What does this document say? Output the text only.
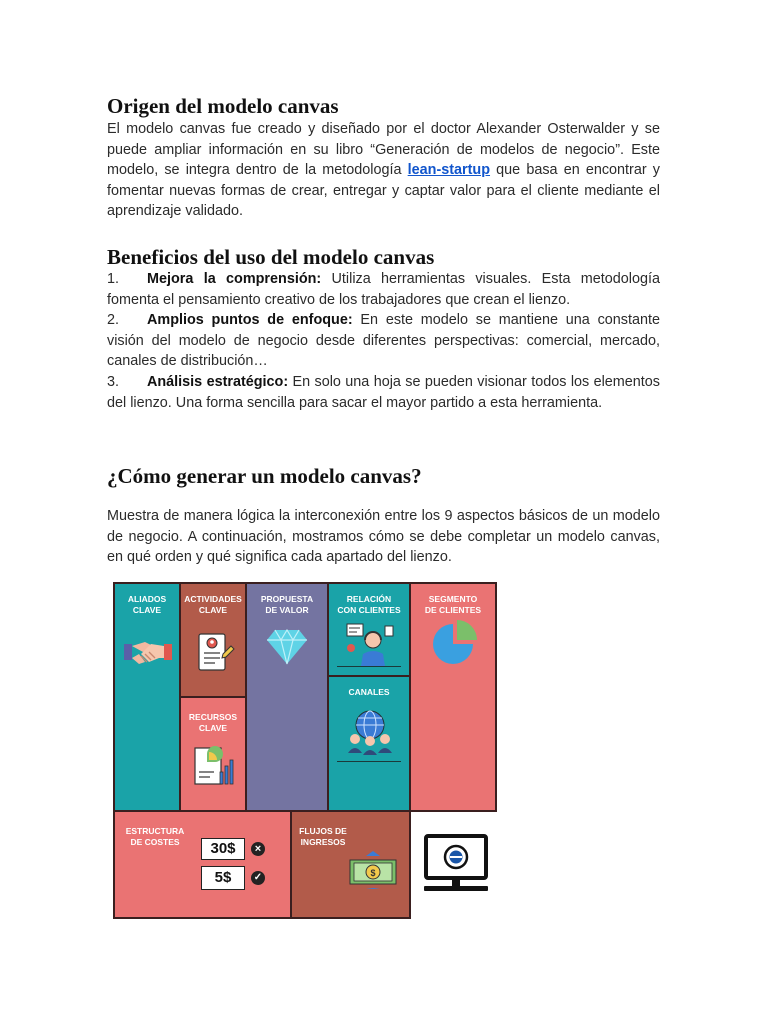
Origen del modelo canvas

El modelo canvas fue creado y diseñado por el doctor Alexander Osterwalder y se puede ampliar información en su libro “Generación de modelos de negocio”. Este modelo, se integra dentro de la metodología lean-startup que basa en encontrar y fomentar nuevas formas de crear, entregar y captar valor para el cliente mediante el aprendizaje validado.

Beneficios del uso del modelo canvas
1. Mejora la comprensión: Utiliza herramientas visuales. Esta metodología fomenta el pensamiento creativo de los trabajadores que crean el lienzo.
2. Amplios puntos de enfoque: En este modelo se mantiene una constante visión del modelo de negocio desde diferentes perspectivas: comercial, mercado, canales de distribución…
3. Análisis estratégico: En solo una hoja se pueden visionar todos los elementos del lienzo. Una forma sencilla para sacar el mayor partido a esta herramienta.
¿Cómo generar un modelo canvas?

Muestra de manera lógica la interconexión entre los 9 aspectos básicos de un modelo de negocio. A continuación, mostramos cómo se debe completar un modelo canvas, en qué orden y qué significa cada apartado del lienzo.

ALIADOS
CLAVE
ACTIVIDADES
CLAVE
RECURSOS
CLAVE
PROPUESTA
DE VALOR
RELACIÓN
CON CLIENTES
CANALES
SEGMENTO
DE CLIENTES
ESTRUCTURA
DE COSTES	30$	×
5$	✓
FLUJOS DE
INGRESOS
$
